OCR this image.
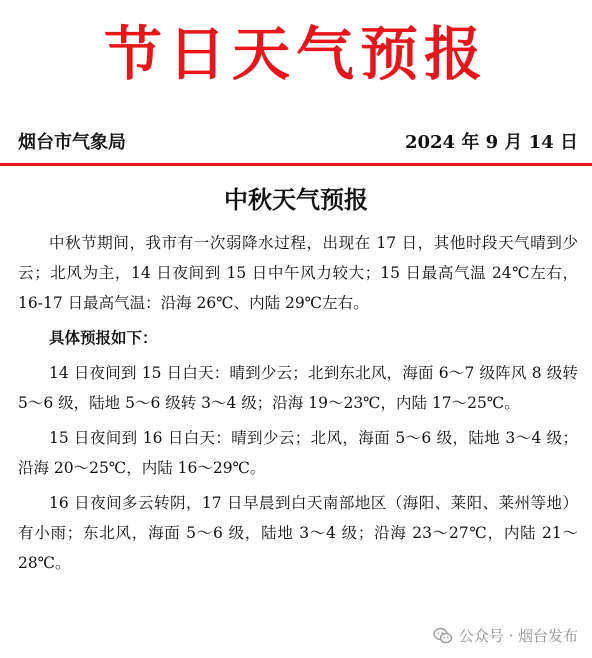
节日天气预报
烟台市气象局	2024 年 9 月 14 日
中秋天气预报

中秋节期间，我市有一次弱降水过程，出现在 17 日，其他时段天气晴到少云；北风为主，14 日夜间到 15 日中午风力较大；15 日最高气温 24℃左右，16-17 日最高气温：沿海 26℃、内陆 29℃左右。

具体预报如下：

14 日夜间到 15 日白天：晴到少云；北到东北风，海面 6～7 级阵风 8 级转 5～6 级，陆地 5～6 级转 3～4 级；沿海 19～23℃，内陆 17～25℃。

15 日夜间到 16 日白天：晴到少云；北风，海面 5～6 级，陆地 3～4 级；沿海 20～25℃，内陆 16～29℃。

16 日夜间多云转阴，17 日早晨到白天南部地区（海阳、莱阳、莱州等地）有小雨；东北风，海面 5～6 级，陆地 3～4 级；沿海 23～27℃，内陆 21～28℃。

公众号 · 烟台发布
